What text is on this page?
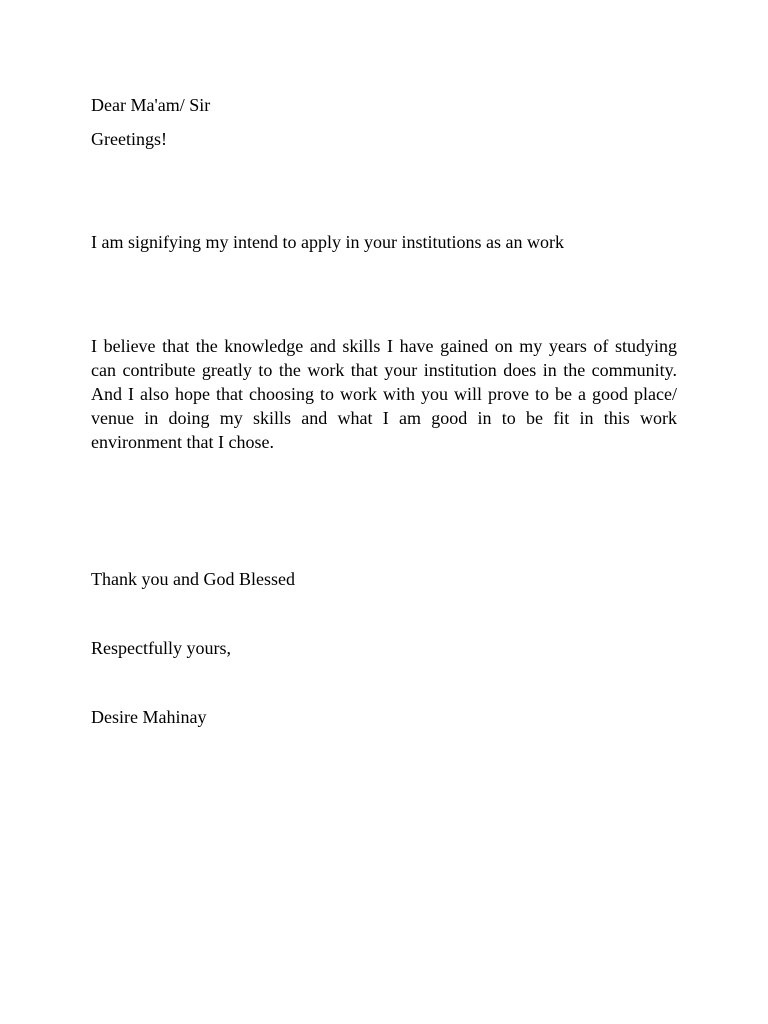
Dear Ma'am/ Sir

Greetings!

I am signifying my intend to apply in your institutions as an work

I believe that the knowledge and skills I have gained on my years of studying can contribute greatly to the work that your institution does in the community. And I also hope that choosing to work with you will prove to be a good place/ venue in doing my skills and what I am good in to be fit in this work environment that I chose.

Thank you and God Blessed

Respectfully yours,

Desire Mahinay
